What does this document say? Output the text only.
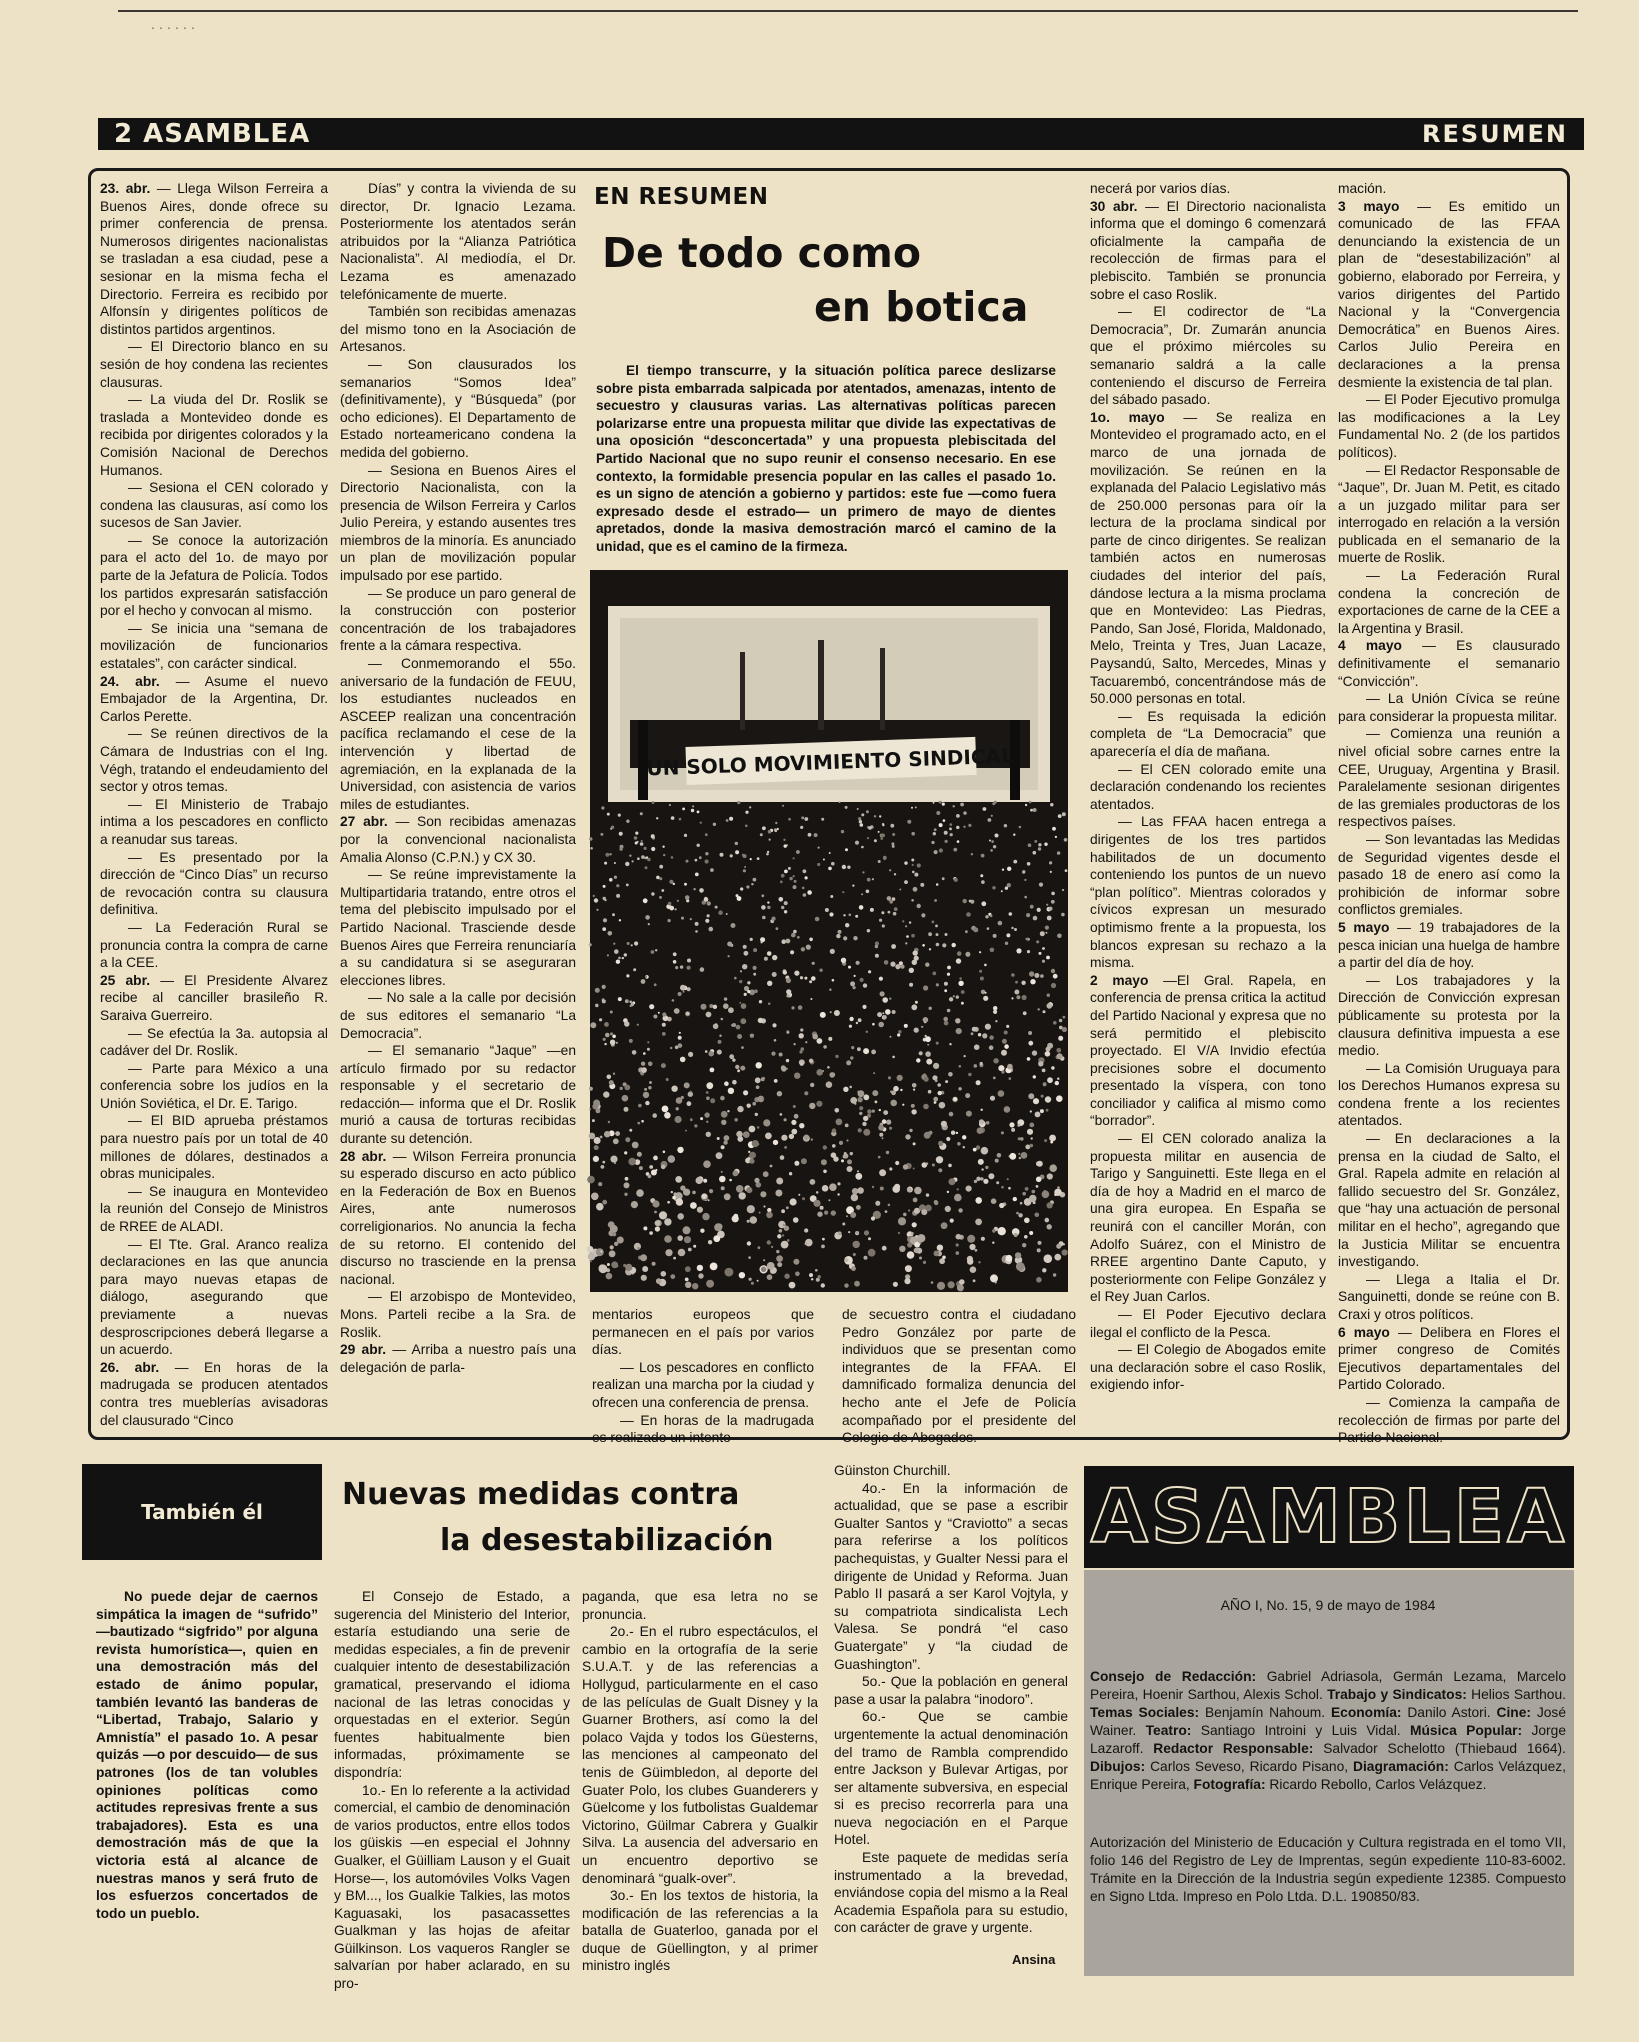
......
2 ASAMBLEA	RESUMEN

23. abr. — Llega Wilson Ferreira a Buenos Aires, donde ofrece su primer conferencia de prensa. Numerosos dirigentes nacionalistas se trasladan a esa ciudad, pese a sesionar en la misma fecha el Directorio. Ferreira es recibido por Alfonsín y dirigentes políticos de distintos partidos argentinos.

— El Directorio blanco en su sesión de hoy condena las recientes clausuras.

— La viuda del Dr. Roslik se traslada a Montevideo donde es recibida por dirigentes colorados y la Comisión Nacional de Derechos Humanos.

— Sesiona el CEN colorado y condena las clausuras, así como los sucesos de San Javier.

— Se conoce la autorización para el acto del 1o. de mayo por parte de la Jefatura de Policía. Todos los partidos expresarán satisfacción por el hecho y convocan al mismo.

— Se inicia una “semana de movilización de funcionarios estatales”, con carácter sindical.

24. abr. — Asume el nuevo Embajador de la Argentina, Dr. Carlos Perette.

— Se reúnen directivos de la Cámara de Industrias con el Ing. Végh, tratando el endeudamiento del sector y otros temas.

— El Ministerio de Trabajo intima a los pescadores en conflicto a reanudar sus tareas.

— Es presentado por la dirección de “Cinco Días” un recurso de revocación contra su clausura definitiva.

— La Federación Rural se pronuncia contra la compra de carne a la CEE.

25 abr. — El Presidente Alvarez recibe al canciller brasileño R. Saraiva Guerreiro.

— Se efectúa la 3a. autopsia al cadáver del Dr. Roslik.

— Parte para México a una conferencia sobre los judíos en la Unión Soviética, el Dr. E. Tarigo.

— El BID aprueba préstamos para nuestro país por un total de 40 millones de dólares, destinados a obras municipales.

— Se inaugura en Montevideo la reunión del Consejo de Ministros de RREE de ALADI.

— El Tte. Gral. Aranco realiza declaraciones en las que anuncia para mayo nuevas etapas de diálogo, asegurando que previamente a nuevas desproscripciones deberá llegarse a un acuerdo.

26. abr. — En horas de la madrugada se producen atentados contra tres mueblerías avisadoras del clausurado “Cinco

Días” y contra la vivienda de su director, Dr. Ignacio Lezama. Posteriormente los atentados serán atribuidos por la “Alianza Patriótica Nacionalista”. Al mediodía, el Dr. Lezama es amenazado telefónicamente de muerte.

También son recibidas amenazas del mismo tono en la Asociación de Artesanos.

— Son clausurados los semanarios “Somos Idea” (definitivamente), y “Búsqueda” (por ocho ediciones). El Departamento de Estado norteamericano condena la medida del gobierno.

— Sesiona en Buenos Aires el Directorio Nacionalista, con la presencia de Wilson Ferreira y Carlos Julio Pereira, y estando ausentes tres miembros de la minoría. Es anunciado un plan de movilización popular impulsado por ese partido.

— Se produce un paro general de la construcción con posterior concentración de los trabajadores frente a la cámara respectiva.

— Conmemorando el 55o. aniversario de la fundación de FEUU, los estudiantes nucleados en ASCEEP realizan una concentración pacífica reclamando el cese de la intervención y libertad de agremiación, en la explanada de la Universidad, con asistencia de varios miles de estudiantes.

27 abr. — Son recibidas amenazas por la convencional nacionalista Amalia Alonso (C.P.N.) y CX 30.

— Se reúne imprevistamente la Multipartidaria tratando, entre otros el tema del plebiscito impulsado por el Partido Nacional. Trasciende desde Buenos Aires que Ferreira renunciaría a su candidatura si se aseguraran elecciones libres.

— No sale a la calle por decisión de sus editores el semanario “La Democracia”.

— El semanario “Jaque” —en artículo firmado por su redactor responsable y el secretario de redacción— informa que el Dr. Roslik murió a causa de torturas recibidas durante su detención.

28 abr. — Wilson Ferreira pronuncia su esperado discurso en acto público en la Federación de Box en Buenos Aires, ante numerosos correligionarios. No anuncia la fecha de su retorno. El contenido del discurso no trasciende en la prensa nacional.

— El arzobispo de Montevideo, Mons. Parteli recibe a la Sra. de Roslik.

29 abr. — Arriba a nuestro país una delegación de parla-

EN RESUMEN
De todo como
en botica

El tiempo transcurre, y la situación política parece deslizarse sobre pista embarrada salpicada por atentados, amenazas, intento de secuestro y clausuras varias. Las alternativas políticas parecen polarizarse entre una propuesta militar que divide las expectativas de una oposición “desconcertada” y una propuesta plebiscitada del Partido Nacional que no supo reunir el consenso necesario. En ese contexto, la formidable presencia popular en las calles el pasado 1o. es un signo de atención a gobierno y partidos: este fue —como fuera expresado desde el estrado— un primero de mayo de dientes apretados, donde la masiva demostración marcó el camino de la unidad, que es el camino de la firmeza.

UN SOLO MOVIMIENTO SINDICAL

mentarios europeos que permanecen en el país por varios días.

— Los pescadores en conflicto realizan una marcha por la ciudad y ofrecen una conferencia de prensa.

— En horas de la madrugada es realizado un intento

de secuestro contra el ciudadano Pedro González por parte de individuos que se presentan como integrantes de la FFAA. El damnificado formaliza denuncia del hecho ante el Jefe de Policía acompañado por el presidente del Colegio de Abogados.

necerá por varios días.

30 abr. — El Directorio nacionalista informa que el domingo 6 comenzará oficialmente la campaña de recolección de firmas para el plebiscito. También se pronuncia sobre el caso Roslik.

— El codirector de “La Democracia”, Dr. Zumarán anuncia que el próximo miércoles su semanario saldrá a la calle conteniendo el discurso de Ferreira del sábado pasado.

1o. mayo — Se realiza en Montevideo el programado acto, en el marco de una jornada de movilización. Se reúnen en la explanada del Palacio Legislativo más de 250.000 personas para oír la lectura de la proclama sindical por parte de cinco dirigentes. Se realizan también actos en numerosas ciudades del interior del país, dándose lectura a la misma proclama que en Montevideo: Las Piedras, Pando, San José, Florida, Maldonado, Melo, Treinta y Tres, Juan Lacaze, Paysandú, Salto, Mercedes, Minas y Tacuarembó, concentrándose más de 50.000 personas en total.

— Es requisada la edición completa de “La Democracia” que aparecería el día de mañana.

— El CEN colorado emite una declaración condenando los recientes atentados.

— Las FFAA hacen entrega a dirigentes de los tres partidos habilitados de un documento conteniendo los puntos de un nuevo “plan político”. Mientras colorados y cívicos expresan un mesurado optimismo frente a la propuesta, los blancos expresan su rechazo a la misma.

2 mayo —El Gral. Rapela, en conferencia de prensa critica la actitud del Partido Nacional y expresa que no será permitido el plebiscito proyectado. El V/A Invidio efectúa precisiones sobre el documento presentado la víspera, con tono conciliador y califica al mismo como “borrador”.

— El CEN colorado analiza la propuesta militar en ausencia de Tarigo y Sanguinetti. Este llega en el día de hoy a Madrid en el marco de una gira europea. En España se reunirá con el canciller Morán, con Adolfo Suárez, con el Ministro de RREE argentino Dante Caputo, y posteriormente con Felipe González y el Rey Juan Carlos.

— El Poder Ejecutivo declara ilegal el conflicto de la Pesca.

— El Colegio de Abogados emite una declaración sobre el caso Roslik, exigiendo infor-

mación.

3 mayo — Es emitido un comunicado de las FFAA denunciando la existencia de un plan de “desestabilización” al gobierno, elaborado por Ferreira, y varios dirigentes del Partido Nacional y la “Convergencia Democrática” en Buenos Aires. Carlos Julio Pereira en declaraciones a la prensa desmiente la existencia de tal plan.

— El Poder Ejecutivo promulga las modificaciones a la Ley Fundamental No. 2 (de los partidos políticos).

— El Redactor Responsable de “Jaque”, Dr. Juan M. Petit, es citado a un juzgado militar para ser interrogado en relación a la versión publicada en el semanario de la muerte de Roslik.

— La Federación Rural condena la concreción de exportaciones de carne de la CEE a la Argentina y Brasil.

4 mayo — Es clausurado definitivamente el semanario “Convicción”.

— La Unión Cívica se reúne para considerar la propuesta militar.

— Comienza una reunión a nivel oficial sobre carnes entre la CEE, Uruguay, Argentina y Brasil. Paralelamente sesionan dirigentes de las gremiales productoras de los respectivos países.

— Son levantadas las Medidas de Seguridad vigentes desde el pasado 18 de enero así como la prohibición de informar sobre conflictos gremiales.

5 mayo — 19 trabajadores de la pesca inician una huelga de hambre a partir del día de hoy.

— Los trabajadores y la Dirección de Convicción expresan públicamente su protesta por la clausura definitiva impuesta a ese medio.

— La Comisión Uruguaya para los Derechos Humanos expresa su condena frente a los recientes atentados.

— En declaraciones a la prensa en la ciudad de Salto, el Gral. Rapela admite en relación al fallido secuestro del Sr. González, que “hay una actuación de personal militar en el hecho”, agregando que la Justicia Militar se encuentra investigando.

— Llega a Italia el Dr. Sanguinetti, donde se reúne con B. Craxi y otros políticos.

6 mayo — Delibera en Flores el primer congreso de Comités Ejecutivos departamentales del Partido Colorado.

— Comienza la campaña de recolección de firmas por parte del Partido Nacional.

También él

No puede dejar de caernos simpática la imagen de “sufrido” —bautizado “sigfrido” por alguna revista humorística—, quien en una demostración más del estado de ánimo popular, también levantó las banderas de “Libertad, Trabajo, Salario y Amnistía” el pasado 1o. A pesar quizás —o por descuido— de sus patrones (los de tan volubles opiniones políticas como actitudes represivas frente a sus trabajadores). Esta es una demostración más de que la victoria está al alcance de nuestras manos y será fruto de los esfuerzos concertados de todo un pueblo.

Nuevas medidas contra
la desestabilización

El Consejo de Estado, a sugerencia del Ministerio del Interior, estaría estudiando una serie de medidas especiales, a fin de prevenir cualquier intento de desestabilización gramatical, preservando el idioma nacional de las letras conocidas y orquestadas en el exterior. Según fuentes habitualmente bien informadas, próximamente se dispondría:

1o.- En lo referente a la actividad comercial, el cambio de denominación de varios productos, entre ellos todos los güiskis —en especial el Johnny Gualker, el Güilliam Lauson y el Guait Horse—, los automóviles Volks Vagen y BM..., los Gualkie Talkies, las motos Kaguasaki, los pasacassettes Gualkman y las hojas de afeitar Güilkinson. Los vaqueros Rangler se salvarían por haber aclarado, en su pro-

paganda, que esa letra no se pronuncia.

2o.- En el rubro espectáculos, el cambio en la ortografía de la serie S.U.A.T. y de las referencias a Hollygud, particularmente en el caso de las películas de Gualt Disney y la Guarner Brothers, así como la del polaco Vajda y todos los Güesterns, las menciones al campeonato del tenis de Güimbledon, al deporte del Guater Polo, los clubes Guanderers y Güelcome y los futbolistas Gualdemar Victorino, Güilmar Cabrera y Gualkir Silva. La ausencia del adversario en un encuentro deportivo se denominará “gualk-over”.

3o.- En los textos de historia, la modificación de las referencias a la batalla de Guaterloo, ganada por el duque de Güellington, y al primer ministro inglés

Güinston Churchill.

4o.- En la información de actualidad, que se pase a escribir Gualter Santos y “Craviotto” a secas para referirse a los políticos pachequistas, y Gualter Nessi para el dirigente de Unidad y Reforma. Juan Pablo II pasará a ser Karol Vojtyla, y su compatriota sindicalista Lech Valesa. Se pondrá “el caso Guatergate” y “la ciudad de Guashington”.

5o.- Que la población en general pase a usar la palabra “inodoro”.

6o.- Que se cambie urgentemente la actual denominación del tramo de Rambla comprendido entre Jackson y Bulevar Artigas, por ser altamente subversiva, en especial si es preciso recorrerla para una nueva negociación en el Parque Hotel.

Este paquete de medidas sería instrumentado a la brevedad, enviándose copia del mismo a la Real Academia Española para su estudio, con carácter de grave y urgente.

Ansina
ASAMBLEA

AÑO I, No. 15, 9 de mayo de 1984

Consejo de Redacción: Gabriel Adriasola, Germán Lezama, Marcelo Pereira, Hoenir Sarthou, Alexis Schol. Trabajo y Sindicatos: Helios Sarthou. Temas Sociales: Benjamín Nahoum. Economía: Danilo Astori. Cine: José Wainer. Teatro: Santiago Introini y Luis Vidal. Música Popular: Jorge Lazaroff. Redactor Responsable: Salvador Schelotto (Thiebaud 1664). Dibujos: Carlos Seveso, Ricardo Pisano, Diagramación: Carlos Velázquez, Enrique Pereira, Fotografía: Ricardo Rebollo, Carlos Velázquez.

Autorización del Ministerio de Educación y Cultura registrada en el tomo VII, folio 146 del Registro de Ley de Imprentas, según expediente 110-83-6002. Trámite en la Dirección de la Industria según expediente 12385. Compuesto en Signo Ltda. Impreso en Polo Ltda. D.L. 190850/83.
